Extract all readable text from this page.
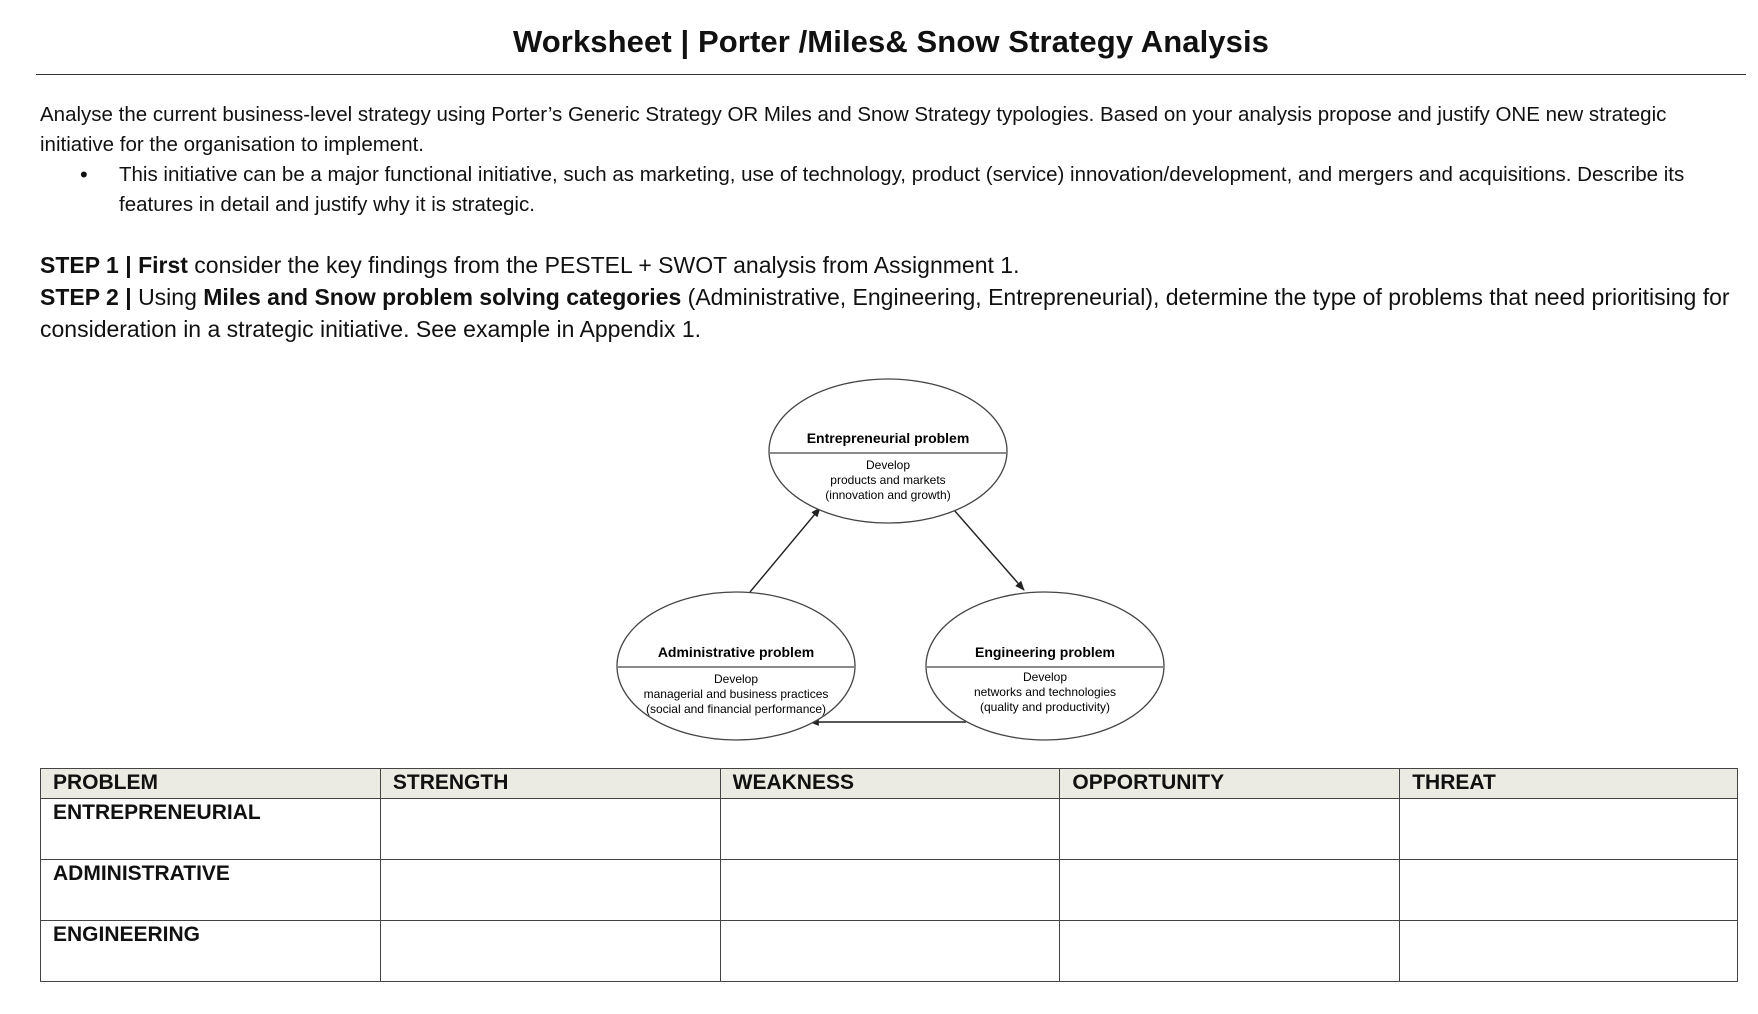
Worksheet | Porter /Miles& Snow Strategy Analysis
Analyse the current business-level strategy using Porter’s Generic Strategy OR Miles and Snow Strategy typologies. Based on your analysis propose and justify ONE new strategic initiative for the organisation to implement.
•	This initiative can be a major functional initiative, such as marketing, use of technology, product (service) innovation/development, and mergers and acquisitions. Describe its features in detail and justify why it is strategic.
STEP 1 | First consider the key findings from the PESTEL + SWOT analysis from Assignment 1.
STEP 2 | Using Miles and Snow problem solving categories (Administrative, Engineering, Entrepreneurial), determine the type of problems that need prioritising for consideration in a strategic initiative. See example in Appendix 1.
Entrepreneurial problem
Develop
products and markets
(innovation and growth)
Administrative problem
Develop
managerial and business practices
(social and financial performance)
Engineering problem
Develop
networks and technologies
(quality and productivity)
PROBLEM	STRENGTH	WEAKNESS	OPPORTUNITY	THREAT
ENTREPRENEURIAL				
ADMINISTRATIVE				
ENGINEERING				
